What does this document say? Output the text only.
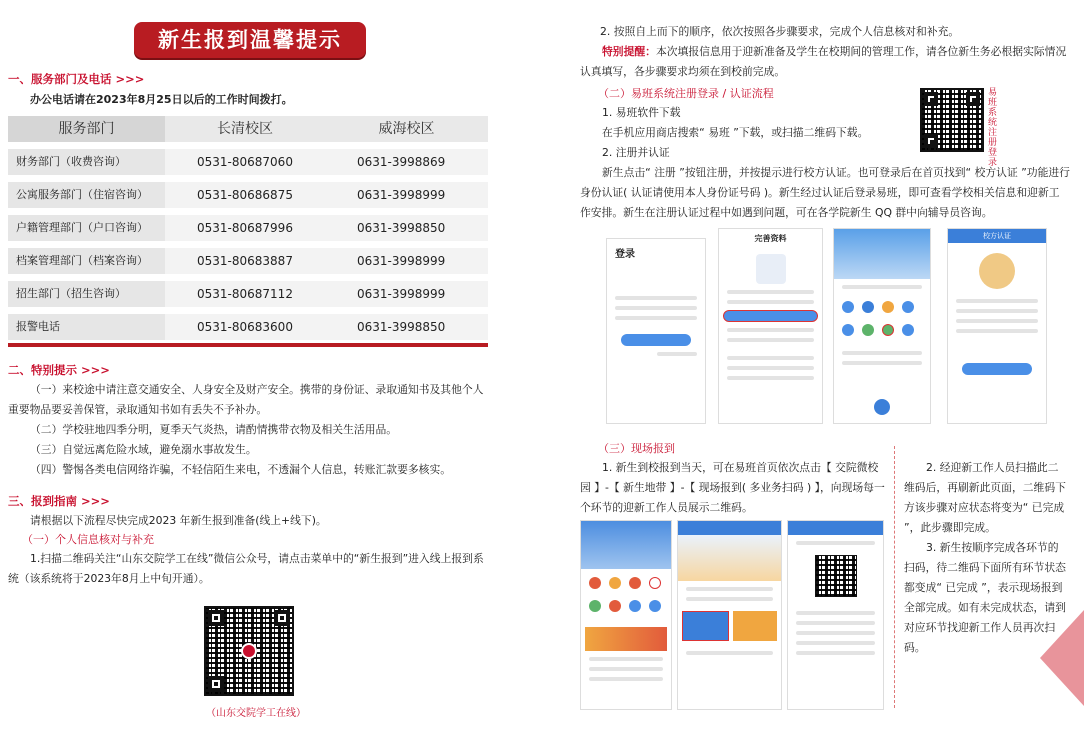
新生报到温馨提示
一、服务部门及电话 >>>
办公电话请在2023年8月25日以后的工作时间拨打。
服务部门	长清校区	威海校区
财务部门（收费咨询）	0531-80687060	0631-3998869
公寓服务部门（住宿咨询）	0531-80686875	0631-3998999
户籍管理部门（户口咨询）	0531-80687996	0631-3998850
档案管理部门（档案咨询）	0531-80683887	0631-3998999
招生部门（招生咨询）	0531-80687112	0631-3998999
报警电话	0531-80683600	0631-3998850
二、特别提示 >>>
（一）来校途中请注意交通安全、人身安全及财产安全。携带的身份证、录取通知书及其他个人重要物品要妥善保管，录取通知书如有丢失不予补办。
（二）学校驻地四季分明，夏季天气炎热，请酌情携带衣物及相关生活用品。
（三）自觉远离危险水域，避免溺水事故发生。
（四）警惕各类电信网络诈骗，不轻信陌生来电，不透漏个人信息，转账汇款要多核实。
三、报到指南 >>>
请根据以下流程尽快完成2023 年新生报到准备(线上+线下)。
（一）个人信息核对与补充
1.扫描二维码关注“山东交院学工在线”微信公众号，请点击菜单中的“新生报到”进入线上报到系统（该系统将于2023年8月上中旬开通）。
（山东交院学工在线）
2. 按照自上而下的顺序，依次按照各步骤要求，完成个人信息核对和补充。
特别提醒：本次填报信息用于迎新准备及学生在校期间的管理工作，请各位新生务必根据实际情况认真填写，各步骤要求均须在到校前完成。
（二）易班系统注册登录 / 认证流程
1. 易班软件下载
在手机应用商店搜索“ 易班 ”下载，或扫描二维码下载。
2. 注册并认证
易班系统注册登录
新生点击“ 注册 ”按钮注册，并按提示进行校方认证。也可登录后在首页找到“ 校方认证 ”功能进行身份认证( 认证请使用本人身份证号码 )。新生经过认证后登录易班，即可查看学校相关信息和迎新工作安排。新生在注册认证过程中如遇到问题，可在各学院新生 QQ 群中向辅导员咨询。
登录
完善资料
	校方认证
（三）现场报到
1. 新生到校报到当天，可在易班首页依次点击【 交院微校园 】-【 新生地带 】-【 现场报到( 多业务扫码 ) 】，向现场每一个环节的迎新工作人员展示二维码。
2. 经迎新工作人员扫描此二维码后，再刷新此页面，二维码下方该步骤对应状态将变为“ 已完成 ”，此步骤即完成。
3. 新生按顺序完成各环节的扫码，待二维码下面所有环节状态都变成“ 已完成 ”，表示现场报到全部完成。如有未完成状态，请到对应环节找迎新工作人员再次扫码。
